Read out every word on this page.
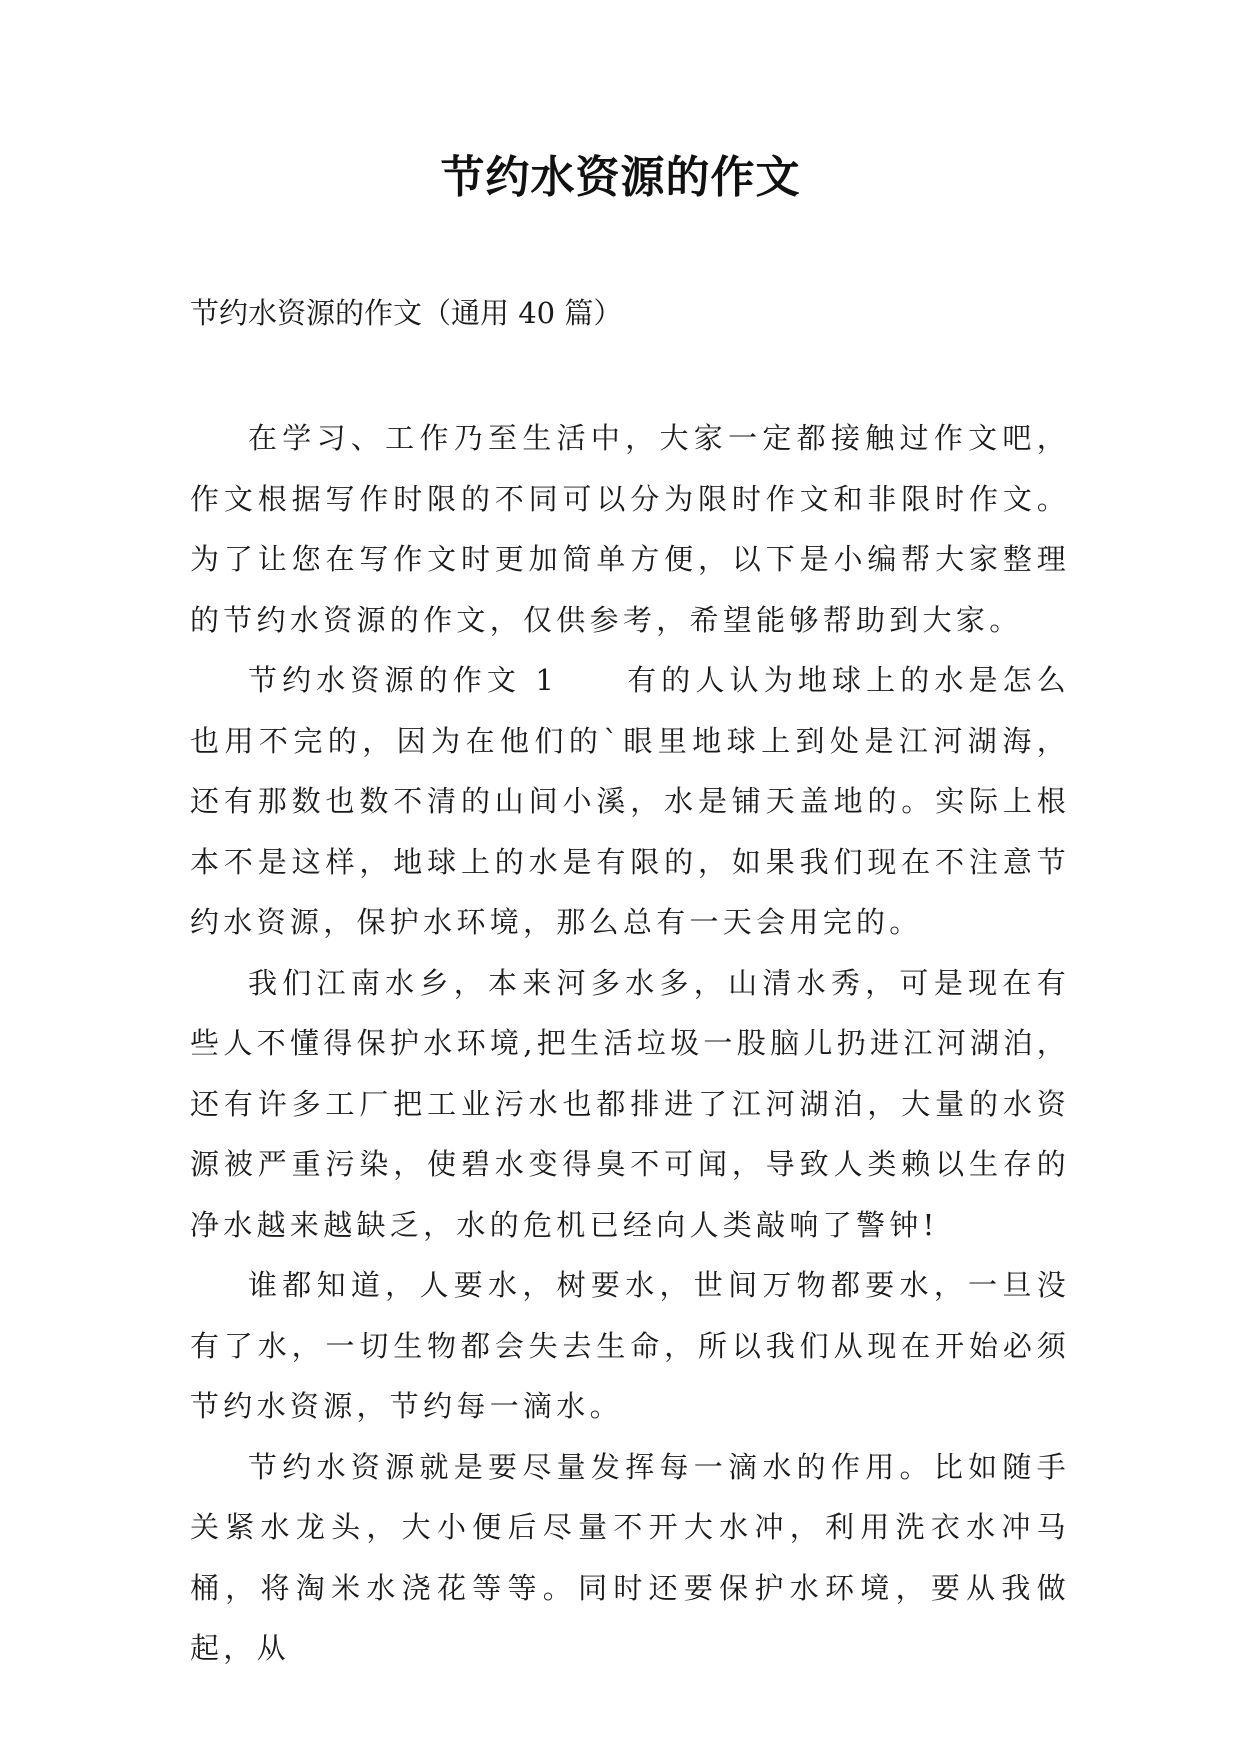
节约水资源的作文
节约水资源的作文（通用 40 篇）

在学习、工作乃至生活中，大家一定都接触过作文吧，作文根据写作时限的不同可以分为限时作文和非限时作文。为了让您在写作文时更加简单方便，以下是小编帮大家整理的节约水资源的作文，仅供参考，希望能够帮助到大家。

节约水资源的作文 1　　有的人认为地球上的水是怎么也用不完的，因为在他们的`眼里地球上到处是江河湖海，还有那数也数不清的山间小溪，水是铺天盖地的。实际上根本不是这样，地球上的水是有限的，如果我们现在不注意节约水资源，保护水环境，那么总有一天会用完的。

我们江南水乡，本来河多水多，山清水秀，可是现在有些人不懂得保护水环境,把生活垃圾一股脑儿扔进江河湖泊，还有许多工厂把工业污水也都排进了江河湖泊，大量的水资源被严重污染，使碧水变得臭不可闻，导致人类赖以生存的净水越来越缺乏，水的危机已经向人类敲响了警钟!

谁都知道，人要水，树要水，世间万物都要水，一旦没有了水，一切生物都会失去生命，所以我们从现在开始必须节约水资源，节约每一滴水。

节约水资源就是要尽量发挥每一滴水的作用。比如随手关紧水龙头，大小便后尽量不开大水冲，利用洗衣水冲马桶，将淘米水浇花等等。同时还要保护水环境，要从我做起，从
